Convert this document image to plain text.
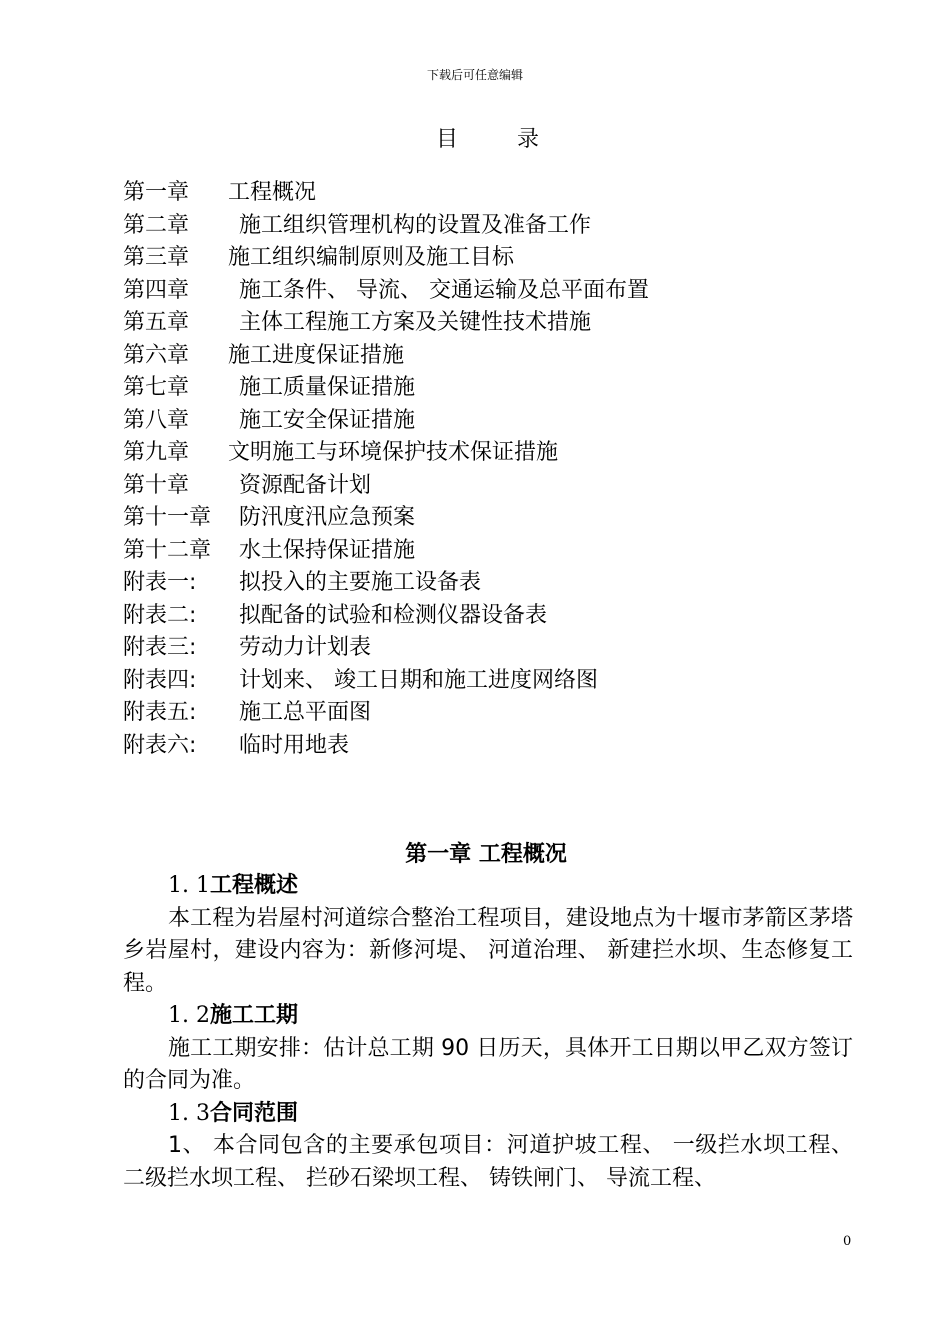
下载后可任意编辑
目	录
第一章 工程概况
第二章 施工组织管理机构的设置及准备工作
第三章 施工组织编制原则及施工目标
第四章 施工条件、 导流、 交通运输及总平面布置
第五章 主体工程施工方案及关键性技术措施
第六章 施工进度保证措施
第七章 施工质量保证措施
第八章 施工安全保证措施
第九章 文明施工与环境保护技术保证措施
第十章 资源配备计划
第十一章 防汛度汛应急预案
第十二章 水土保持保证措施
附表一: 拟投入的主要施工设备表
附表二: 拟配备的试验和检测仪器设备表
附表三: 劳动力计划表
附表四: 计划来、 竣工日期和施工进度网络图
附表五: 施工总平面图
附表六: 临时用地表
第一章 工程概况
1. 1工程概述

本工程为岩屋村河道综合整治工程项目，建设地点为十堰市茅箭区茅塔乡岩屋村，建设内容为：新修河堤、 河道治理、 新建拦水坝、生态修复工程。

1. 2施工工期

施工工期安排：估计总工期 90 日历天，具体开工日期以甲乙双方签订的合同为准。

1. 3合同范围

1、 本合同包含的主要承包项目：河道护坡工程、 一级拦水坝工程、 二级拦水坝工程、 拦砂石梁坝工程、 铸铁闸门、 导流工程、

0
